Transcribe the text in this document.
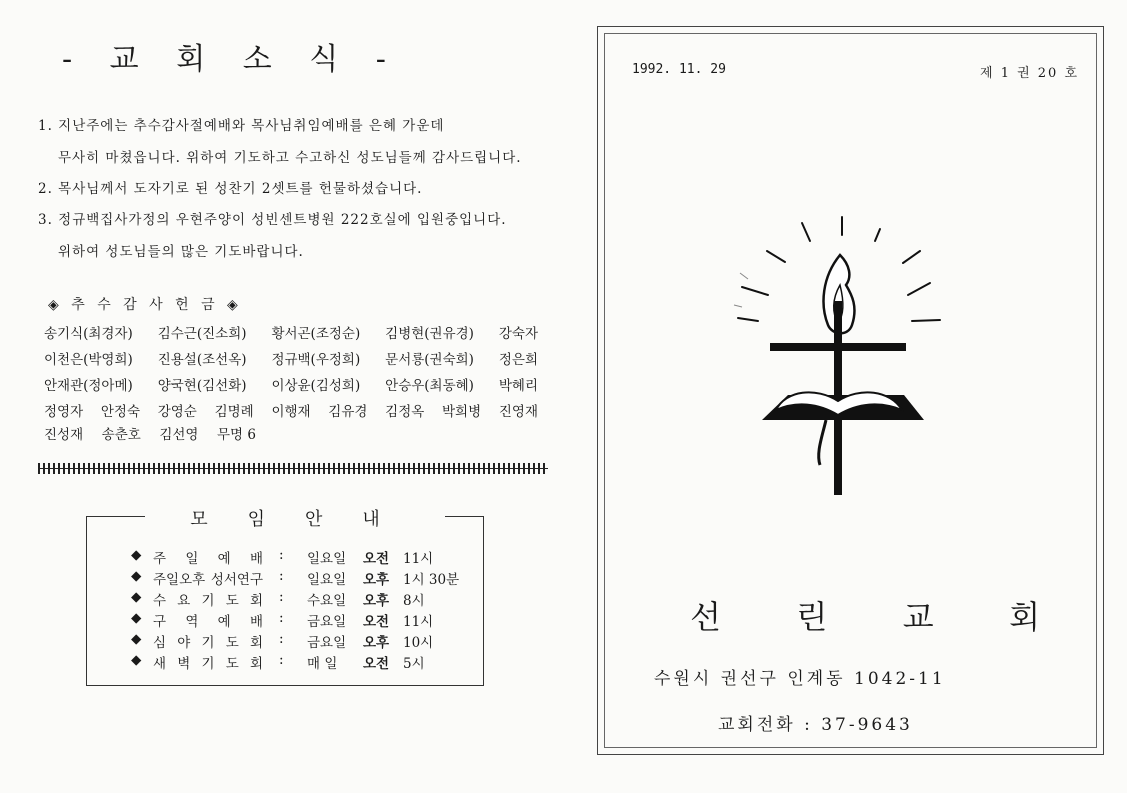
- 교 회 소 식 -
1. 지난주에는 추수감사절예배와 목사님취임예배를 은혜 가운데
무사히 마쳤읍니다. 위하여 기도하고 수고하신 성도님들께 감사드립니다.
2. 목사님께서 도자기로 된 성찬기 2셋트를 헌물하셨습니다.
3. 정규백집사가정의 우현주양이 성빈센트병원 222호실에 입원중입니다.
위하여 성도님들의 많은 기도바랍니다.
◈ 추 수 감 사 헌 금 ◈
송기식(최경자) 김수근(진소희) 황서곤(조정순) 김병현(권유경) 강숙자
이천은(박영희) 진용설(조선옥) 정규백(우정희) 문서룡(권숙희) 정은희
안재관(정아메) 양국현(김선화) 이상윤(김성희) 안승우(최동혜) 박혜리
정영자 안정숙 강영순 김명례 이행재 김유경 김정옥 박희병 진영재
진성재 송춘호 김선영 무명 6
모임안내
◆ 주 일 예 배 : 일요일 오전 11시
◆ 주일오후 성서연구 : 일요일 오후 1시 30분
◆ 수 요 기 도 회 : 수요일 오후 8시
◆ 구 역 예 배 : 금요일 오전 11시
◆ 심 야 기 도 회 : 금요일 오후 10시
◆ 새 벽 기 도 회 : 매 일 오전 5시
1992. 11. 29	제 1 권 20 호
선 린 교 회
수원시 권선구 인계동 1042-11
교회전화 : 37-9643
